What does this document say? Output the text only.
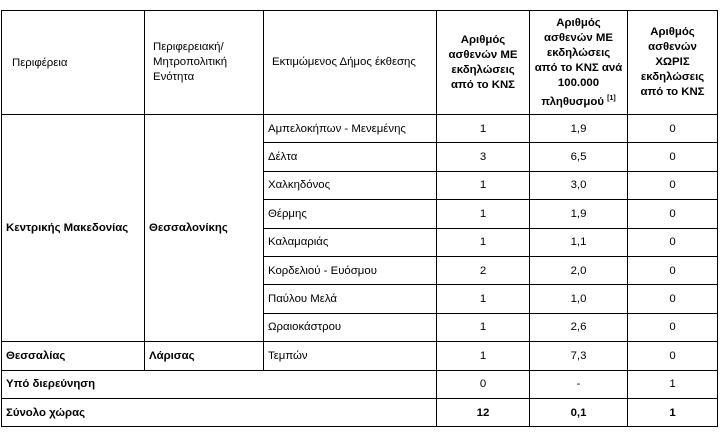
Περιφέρεια	Περιφερειακή/ Μητροπολιτική Ενότητα	Εκτιμώμενος Δήμος έκθεσης	Αριθμός ασθενών ΜΕ εκδηλώσεις από το ΚΝΣ	Αριθμός ασθενών ΜΕ εκδηλώσεις από το ΚΝΣ ανά 100.000 πληθυσμού [1]	Αριθμός ασθενών ΧΩΡΙΣ εκδηλώσεις από το ΚΝΣ
Κεντρικής Μακεδονίας	Θεσσαλονίκης	Αμπελοκήπων - Μενεμένης	1	1,9	0
		Δέλτα	3	6,5	0
		Χαλκηδόνος	1	3,0	0
		Θέρμης	1	1,9	0
		Καλαμαριάς	1	1,1	0
		Κορδελιού - Ευόσμου	2	2,0	0
		Παύλου Μελά	1	1,0	0
		Ωραιοκάστρου	1	2,6	0
Θεσσαλίας	Λάρισας	Τεμπών	1	7,3	0
Υπό διερεύνηση			0	-	1
Σύνολο χώρας			12	0,1	1
